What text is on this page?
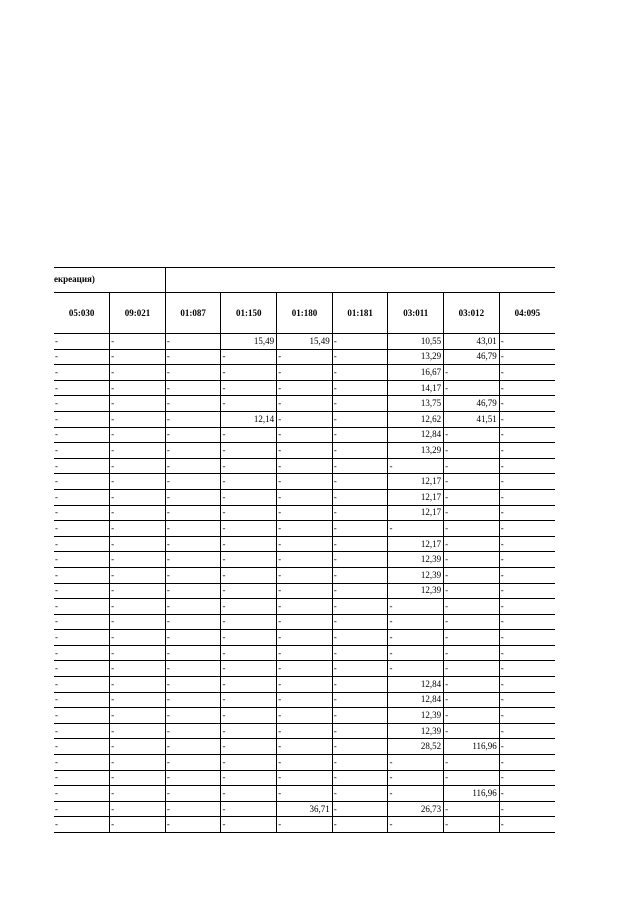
екреация)
05:030	09:021	01:087	01:150	01:180	01:181	03:011	03:012	04:095
-	-	-	15,49	15,49	-	10,55	43,01	-
-	-	-	-	-	-	13,29	46,79	-
-	-	-	-	-	-	16,67	-	-
-	-	-	-	-	-	14,17	-	-
-	-	-	-	-	-	13,75	46,79	-
-	-	-	12,14	-	-	12,62	41,51	-
-	-	-	-	-	-	12,84	-	-
-	-	-	-	-	-	13,29	-	-
-	-	-	-	-	-	-	-	-
-	-	-	-	-	-	12,17	-	-
-	-	-	-	-	-	12,17	-	-
-	-	-	-	-	-	12,17	-	-
-	-	-	-	-	-	-	-	-
-	-	-	-	-	-	12,17	-	-
-	-	-	-	-	-	12,39	-	-
-	-	-	-	-	-	12,39	-	-
-	-	-	-	-	-	12,39	-	-
-	-	-	-	-	-	-	-	-
-	-	-	-	-	-	-	-	-
-	-	-	-	-	-	-	-	-
-	-	-	-	-	-	-	-	-
-	-	-	-	-	-	-	-	-
-	-	-	-	-	-	12,84	-	-
-	-	-	-	-	-	12,84	-	-
-	-	-	-	-	-	12,39	-	-
-	-	-	-	-	-	12,39	-	-
-	-	-	-	-	-	28,52	116,96	-
-	-	-	-	-	-	-	-	-
-	-	-	-	-	-	-	-	-
-	-	-	-	-	-	-	116,96	-
-	-	-	-	36,71	-	26,73	-	-
-	-	-	-	-	-	-	-	-
